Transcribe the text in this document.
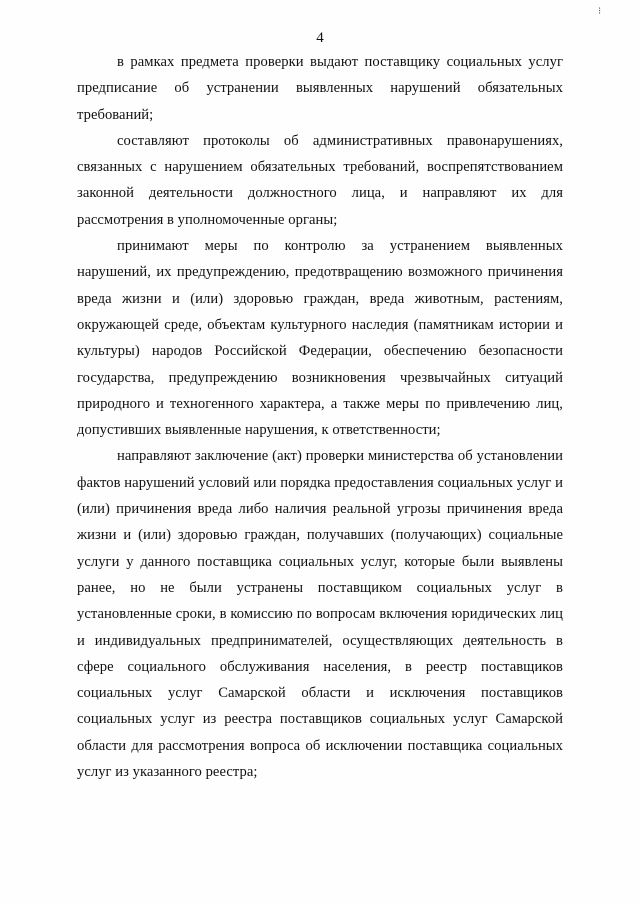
⁝
4

в рамках предмета проверки выдают поставщику социальных услуг предписание об устранении выявленных нарушений обязательных требований;

составляют протоколы об административных правонарушениях, связанных с нарушением обязательных требований, воспрепятствованием законной деятельности должностного лица, и направляют их для рассмотрения в уполномоченные органы;

принимают меры по контролю за устранением выявленных нарушений, их предупреждению, предотвращению возможного причинения вреда жизни и (или) здоровью граждан, вреда животным, растениям, окружающей среде, объектам культурного наследия (памятникам истории и культуры) народов Российской Федерации, обеспечению безопасности государства, предупреждению возникновения чрезвычайных ситуаций природного и техногенного характера, а также меры по привлечению лиц, допустивших выявленные нарушения, к ответственности;

направляют заключение (акт) проверки министерства об установлении фактов нарушений условий или порядка предоставления социальных услуг и (или) причинения вреда либо наличия реальной угрозы причинения вреда жизни и (или) здоровью граждан, получавших (получающих) социальные услуги у данного поставщика социальных услуг, которые были выявлены ранее, но не были устранены поставщиком социальных услуг в установленные сроки, в комиссию по вопросам включения юридических лиц и индивидуальных предпринимателей, осуществляющих деятельность в сфере социального обслуживания населения, в реестр поставщиков социальных услуг Самарской области и исключения поставщиков социальных услуг из реестра поставщиков социальных услуг Самарской области для рассмотрения вопроса об исключении поставщика социальных услуг из указанного реестра;
